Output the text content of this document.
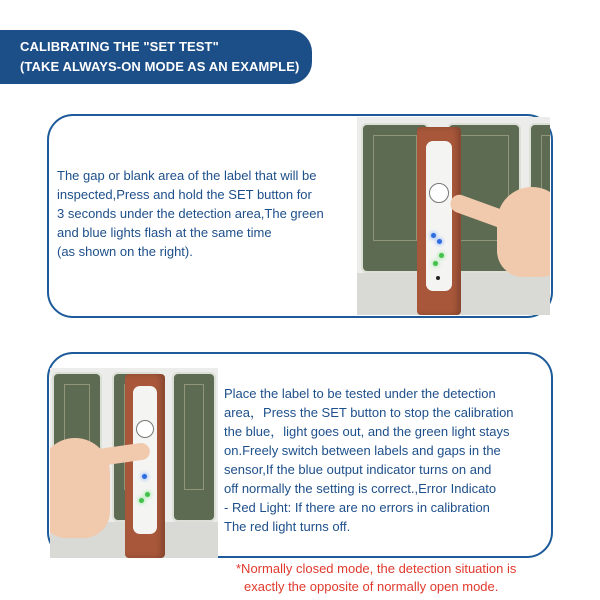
CALIBRATING THE "SET TEST"
(TAKE ALWAYS-ON MODE AS AN EXAMPLE)
The gap or blank area of the label that will be
inspected,Press and hold the SET button for
3 seconds under the detection area,The green
and blue lights flash at the same time
(as shown on the right).
Place the label to be tested under the detection
area，Press the SET button to stop the calibration
the blue，light goes out, and the green light stays
on.Freely switch between labels and gaps in the
sensor,If the blue output indicator turns on and
off normally the setting is correct.,Error Indicato
- Red Light: If there are no errors in calibration
The red light turns off.
*Normally closed mode, the detection situation is
exactly the opposite of normally open mode.
